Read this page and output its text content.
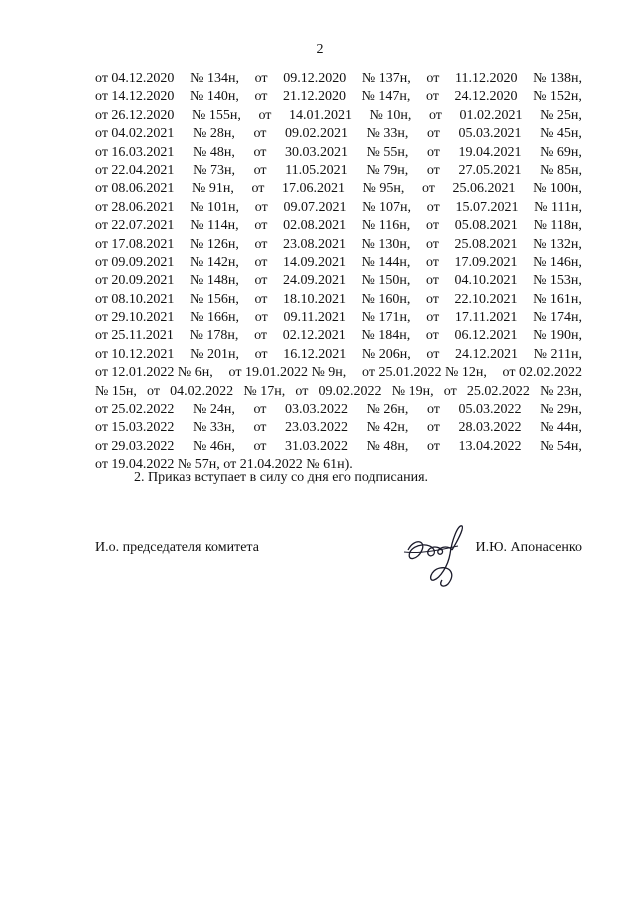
2
от 04.12.2020 № 134н, от 09.12.2020 № 137н, от 11.12.2020 № 138н,
от 14.12.2020 № 140н, от 21.12.2020 № 147н, от 24.12.2020 № 152н,
от 26.12.2020 № 155н, от 14.01.2021 № 10н, от 01.02.2021 № 25н,
от 04.02.2021 № 28н, от 09.02.2021 № 33н, от 05.03.2021 № 45н,
от 16.03.2021 № 48н, от 30.03.2021 № 55н, от 19.04.2021 № 69н,
от 22.04.2021 № 73н, от 11.05.2021 № 79н, от 27.05.2021 № 85н,
от 08.06.2021 № 91н, от 17.06.2021 № 95н, от 25.06.2021 № 100н,
от 28.06.2021 № 101н, от 09.07.2021 № 107н, от 15.07.2021 № 111н,
от 22.07.2021 № 114н, от 02.08.2021 № 116н, от 05.08.2021 № 118н,
от 17.08.2021 № 126н, от 23.08.2021 № 130н, от 25.08.2021 № 132н,
от 09.09.2021 № 142н, от 14.09.2021 № 144н, от 17.09.2021 № 146н,
от 20.09.2021 № 148н, от 24.09.2021 № 150н, от 04.10.2021 № 153н,
от 08.10.2021 № 156н, от 18.10.2021 № 160н, от 22.10.2021 № 161н,
от 29.10.2021 № 166н, от 09.11.2021 № 171н, от 17.11.2021 № 174н,
от 25.11.2021 № 178н, от 02.12.2021 № 184н, от 06.12.2021 № 190н,
от 10.12.2021 № 201н, от 16.12.2021 № 206н, от 24.12.2021 № 211н,
от 12.01.2022 № 6н, от 19.01.2022 № 9н, от 25.01.2022 № 12н, от 02.02.2022
№ 15н, от 04.02.2022 № 17н, от 09.02.2022 № 19н, от 25.02.2022 № 23н,
от 25.02.2022 № 24н, от 03.03.2022 № 26н, от 05.03.2022 № 29н,
от 15.03.2022 № 33н, от 23.03.2022 № 42н, от 28.03.2022 № 44н,
от 29.03.2022 № 46н, от 31.03.2022 № 48н, от 13.04.2022 № 54н,
от 19.04.2022 № 57н, от 21.04.2022 № 61н).
2. Приказ вступает в силу со дня его подписания.
И.о. председателя комитета	И.Ю. Апонасенко
